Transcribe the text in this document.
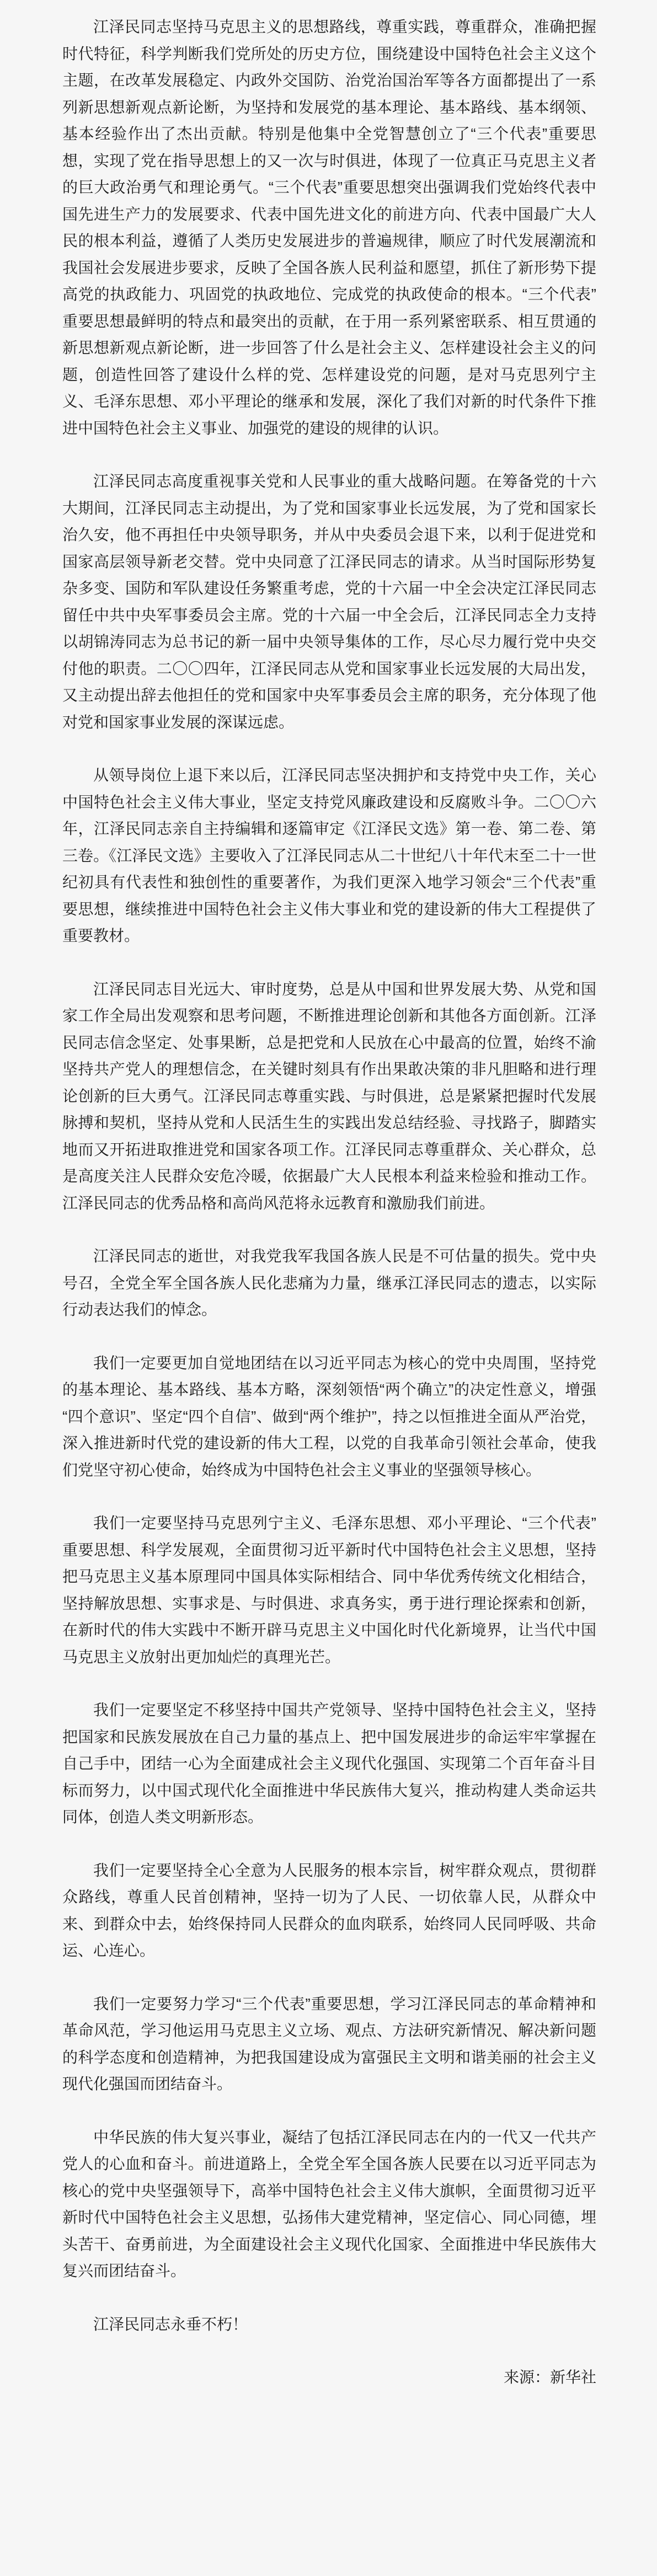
江泽民同志坚持马克思主义的思想路线，尊重实践，尊重群众，准确把握时代特征，科学判断我们党所处的历史方位，围绕建设中国特色社会主义这个主题，在改革发展稳定、内政外交国防、治党治国治军等各方面都提出了一系列新思想新观点新论断，为坚持和发展党的基本理论、基本路线、基本纲领、基本经验作出了杰出贡献。特别是他集中全党智慧创立了“三个代表”重要思想，实现了党在指导思想上的又一次与时俱进，体现了一位真正马克思主义者的巨大政治勇气和理论勇气。“三个代表”重要思想突出强调我们党始终代表中国先进生产力的发展要求、代表中国先进文化的前进方向、代表中国最广大人民的根本利益，遵循了人类历史发展进步的普遍规律，顺应了时代发展潮流和我国社会发展进步要求，反映了全国各族人民利益和愿望，抓住了新形势下提高党的执政能力、巩固党的执政地位、完成党的执政使命的根本。“三个代表”重要思想最鲜明的特点和最突出的贡献，在于用一系列紧密联系、相互贯通的新思想新观点新论断，进一步回答了什么是社会主义、怎样建设社会主义的问题，创造性回答了建设什么样的党、怎样建设党的问题，是对马克思列宁主义、毛泽东思想、邓小平理论的继承和发展，深化了我们对新的时代条件下推进中国特色社会主义事业、加强党的建设的规律的认识。

江泽民同志高度重视事关党和人民事业的重大战略问题。在筹备党的十六大期间，江泽民同志主动提出，为了党和国家事业长远发展，为了党和国家长治久安，他不再担任中央领导职务，并从中央委员会退下来，以利于促进党和国家高层领导新老交替。党中央同意了江泽民同志的请求。从当时国际形势复杂多变、国防和军队建设任务繁重考虑，党的十六届一中全会决定江泽民同志留任中共中央军事委员会主席。党的十六届一中全会后，江泽民同志全力支持以胡锦涛同志为总书记的新一届中央领导集体的工作，尽心尽力履行党中央交付他的职责。二〇〇四年，江泽民同志从党和国家事业长远发展的大局出发，又主动提出辞去他担任的党和国家中央军事委员会主席的职务，充分体现了他对党和国家事业发展的深谋远虑。

从领导岗位上退下来以后，江泽民同志坚决拥护和支持党中央工作，关心中国特色社会主义伟大事业，坚定支持党风廉政建设和反腐败斗争。二〇〇六年，江泽民同志亲自主持编辑和逐篇审定《江泽民文选》第一卷、第二卷、第三卷。《江泽民文选》主要收入了江泽民同志从二十世纪八十年代末至二十一世纪初具有代表性和独创性的重要著作，为我们更深入地学习领会“三个代表”重要思想，继续推进中国特色社会主义伟大事业和党的建设新的伟大工程提供了重要教材。

江泽民同志目光远大、审时度势，总是从中国和世界发展大势、从党和国家工作全局出发观察和思考问题，不断推进理论创新和其他各方面创新。江泽民同志信念坚定、处事果断，总是把党和人民放在心中最高的位置，始终不渝坚持共产党人的理想信念，在关键时刻具有作出果敢决策的非凡胆略和进行理论创新的巨大勇气。江泽民同志尊重实践、与时俱进，总是紧紧把握时代发展脉搏和契机，坚持从党和人民活生生的实践出发总结经验、寻找路子，脚踏实地而又开拓进取推进党和国家各项工作。江泽民同志尊重群众、关心群众，总是高度关注人民群众安危冷暖，依据最广大人民根本利益来检验和推动工作。江泽民同志的优秀品格和高尚风范将永远教育和激励我们前进。

江泽民同志的逝世，对我党我军我国各族人民是不可估量的损失。党中央号召，全党全军全国各族人民化悲痛为力量，继承江泽民同志的遗志，以实际行动表达我们的悼念。

我们一定要更加自觉地团结在以习近平同志为核心的党中央周围，坚持党的基本理论、基本路线、基本方略，深刻领悟“两个确立”的决定性意义，增强“四个意识”、坚定“四个自信”、做到“两个维护”，持之以恒推进全面从严治党，深入推进新时代党的建设新的伟大工程，以党的自我革命引领社会革命，使我们党坚守初心使命，始终成为中国特色社会主义事业的坚强领导核心。

我们一定要坚持马克思列宁主义、毛泽东思想、邓小平理论、“三个代表”重要思想、科学发展观，全面贯彻习近平新时代中国特色社会主义思想，坚持把马克思主义基本原理同中国具体实际相结合、同中华优秀传统文化相结合，坚持解放思想、实事求是、与时俱进、求真务实，勇于进行理论探索和创新，在新时代的伟大实践中不断开辟马克思主义中国化时代化新境界，让当代中国马克思主义放射出更加灿烂的真理光芒。

我们一定要坚定不移坚持中国共产党领导、坚持中国特色社会主义，坚持把国家和民族发展放在自己力量的基点上、把中国发展进步的命运牢牢掌握在自己手中，团结一心为全面建成社会主义现代化强国、实现第二个百年奋斗目标而努力，以中国式现代化全面推进中华民族伟大复兴，推动构建人类命运共同体，创造人类文明新形态。

我们一定要坚持全心全意为人民服务的根本宗旨，树牢群众观点，贯彻群众路线，尊重人民首创精神，坚持一切为了人民、一切依靠人民，从群众中来、到群众中去，始终保持同人民群众的血肉联系，始终同人民同呼吸、共命运、心连心。

我们一定要努力学习“三个代表”重要思想，学习江泽民同志的革命精神和革命风范，学习他运用马克思主义立场、观点、方法研究新情况、解决新问题的科学态度和创造精神，为把我国建设成为富强民主文明和谐美丽的社会主义现代化强国而团结奋斗。

中华民族的伟大复兴事业，凝结了包括江泽民同志在内的一代又一代共产党人的心血和奋斗。前进道路上，全党全军全国各族人民要在以习近平同志为核心的党中央坚强领导下，高举中国特色社会主义伟大旗帜，全面贯彻习近平新时代中国特色社会主义思想，弘扬伟大建党精神，坚定信心、同心同德，埋头苦干、奋勇前进，为全面建设社会主义现代化国家、全面推进中华民族伟大复兴而团结奋斗。

江泽民同志永垂不朽！

来源：新华社
